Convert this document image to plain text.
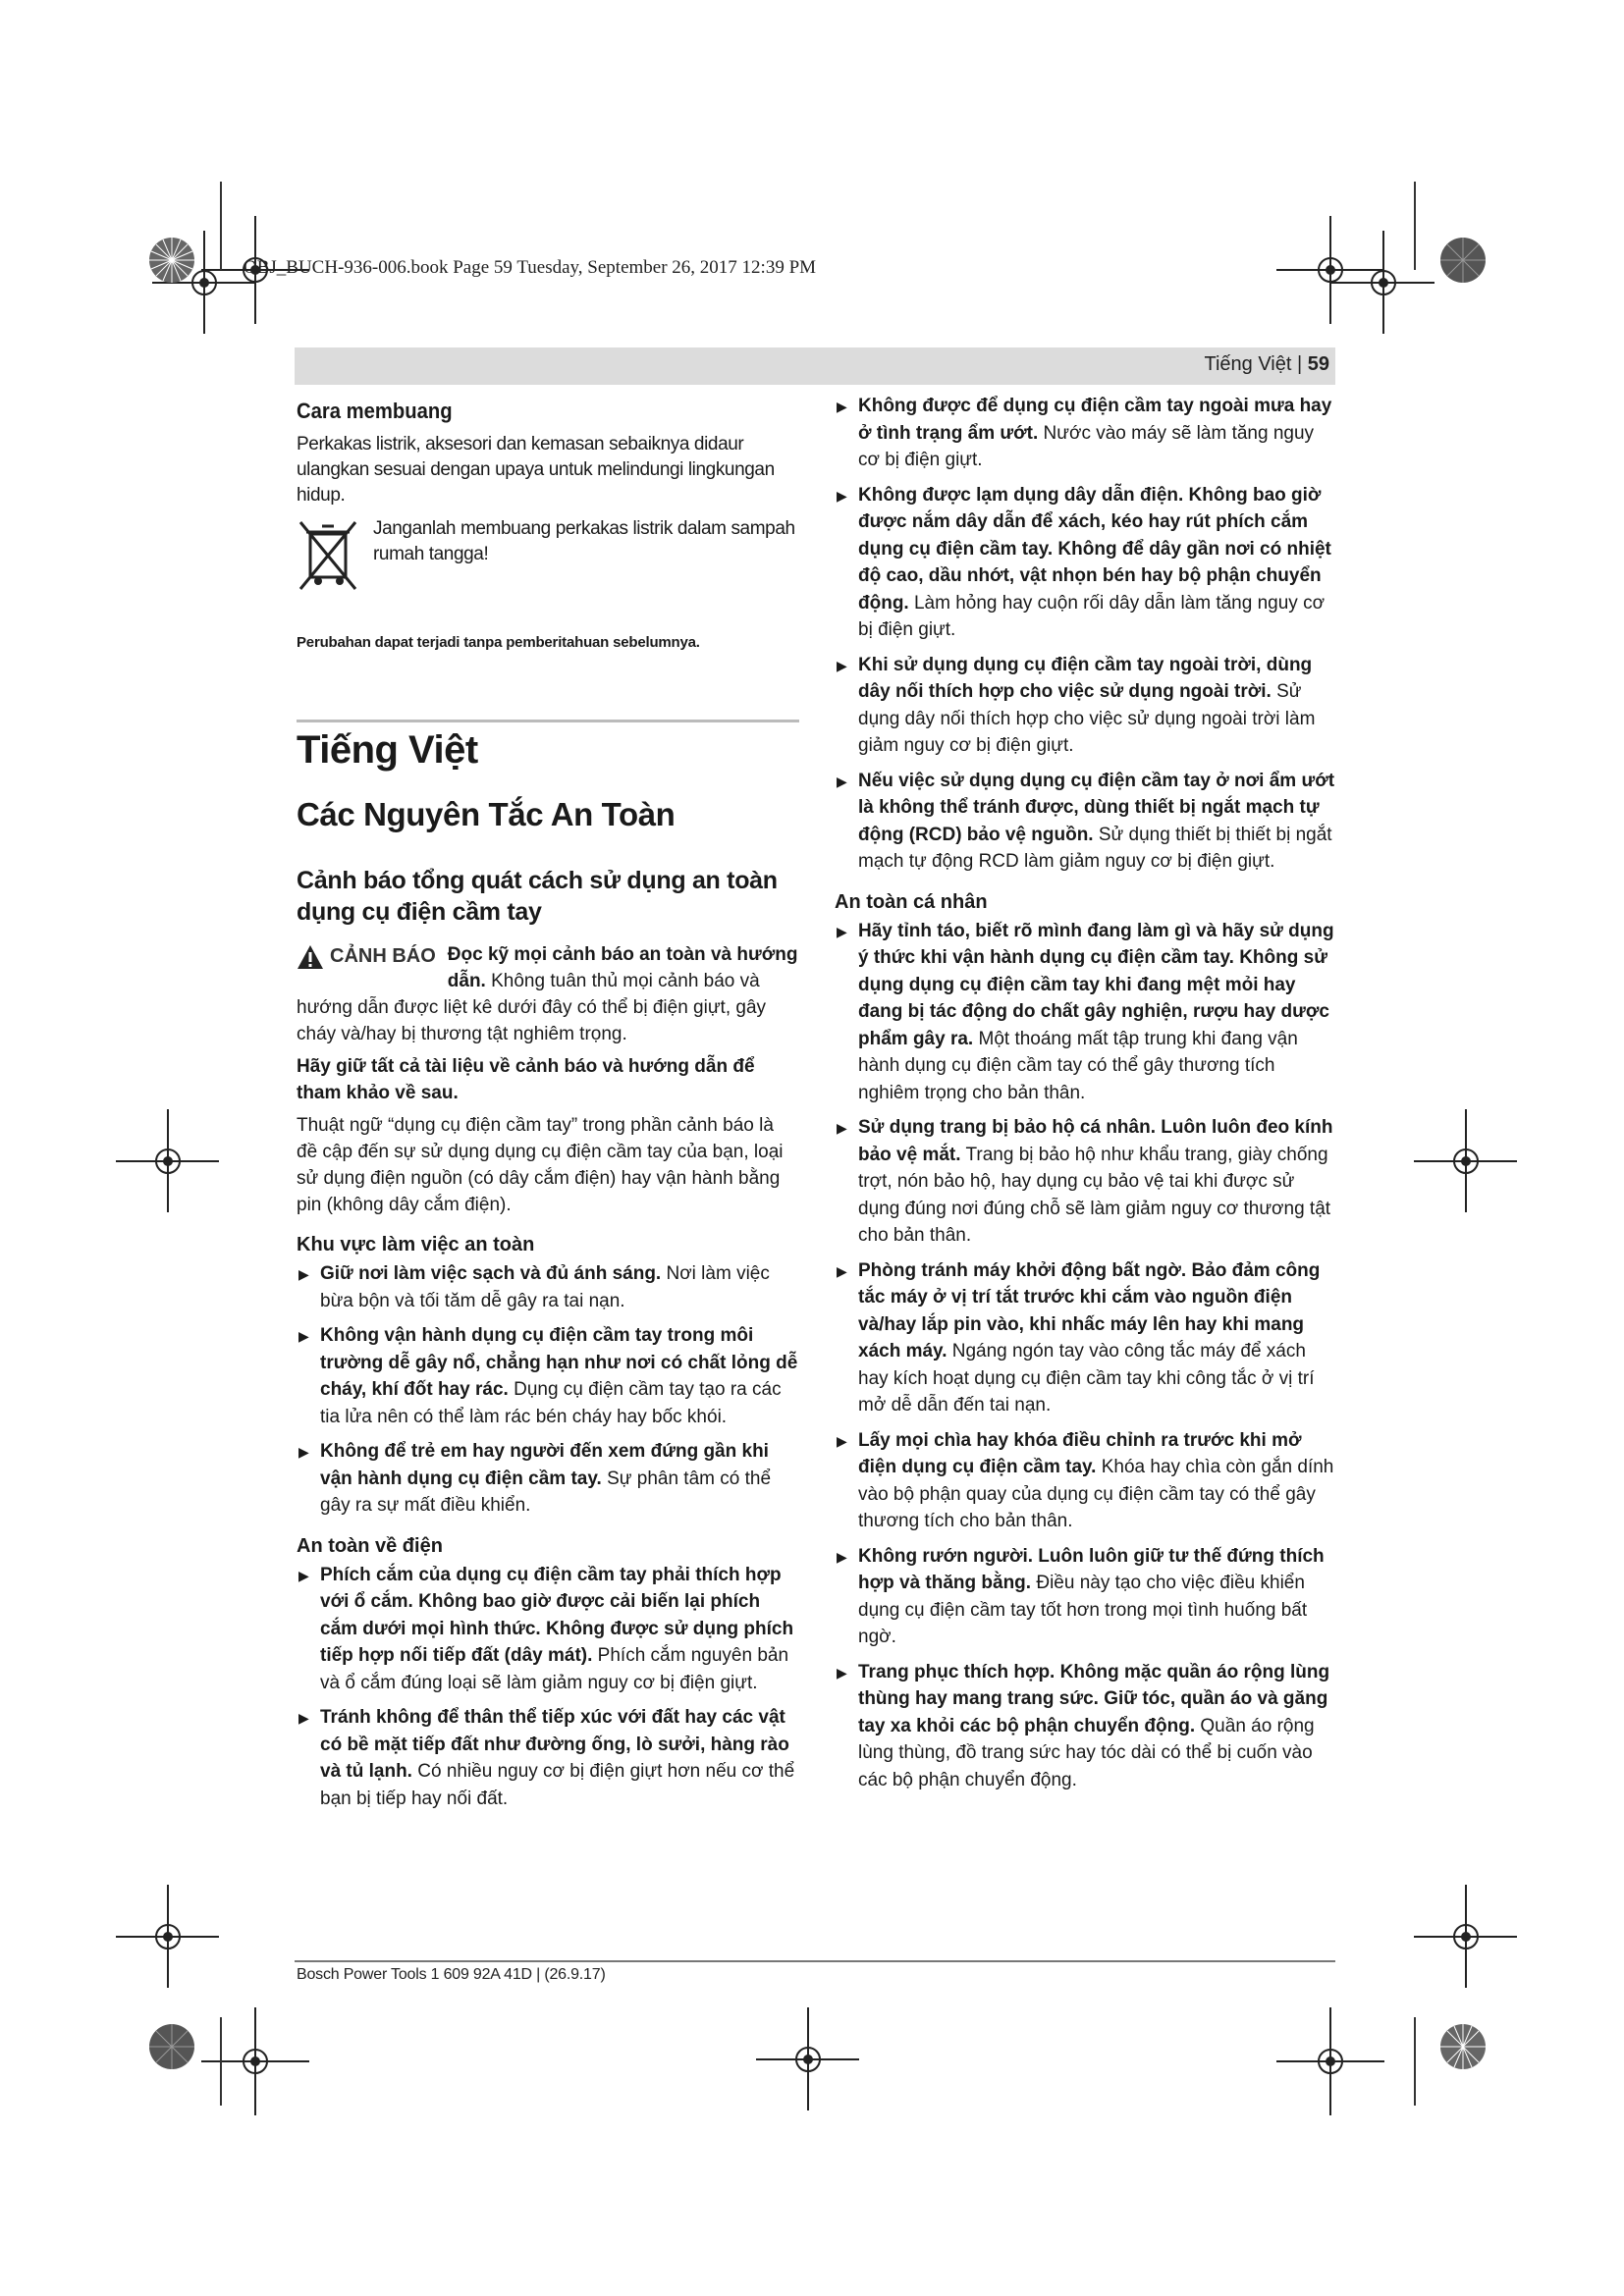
OBJ_BUCH-936-006.book Page 59 Tuesday, September 26, 2017 12:39 PM
Tiếng Việt | 59
Cara membuang

Perkakas listrik, aksesori dan kemasan sebaiknya didaur ulangkan sesuai dengan upaya untuk melindungi lingkungan hidup.

Janganlah membuang perkakas listrik dalam sampah rumah tangga!
Perubahan dapat terjadi tanpa pemberitahuan sebelumnya.
Tiếng Việt
Các Nguyên Tắc An Toàn
Cảnh báo tổng quát cách sử dụng an toàn dụng cụ điện cầm tay
CẢNH BÁO Đọc kỹ mọi cảnh báo an toàn và hướng dẫn. Không tuân thủ mọi cảnh báo và hướng dẫn được liệt kê dưới đây có thể bị điện giựt, gây cháy và/hay bị thương tật nghiêm trọng.

Hãy giữ tất cả tài liệu về cảnh báo và hướng dẫn để tham khảo về sau.

Thuật ngữ “dụng cụ điện cầm tay” trong phần cảnh báo là đề cập đến sự sử dụng dụng cụ điện cầm tay của bạn, loại sử dụng điện nguồn (có dây cắm điện) hay vận hành bằng pin (không dây cắm điện).

Khu vực làm việc an toàn
▶ Giữ nơi làm việc sạch và đủ ánh sáng. Nơi làm việc bừa bộn và tối tăm dễ gây ra tai nạn.
▶ Không vận hành dụng cụ điện cầm tay trong môi trường dễ gây nổ, chẳng hạn như nơi có chất lỏng dễ cháy, khí đốt hay rác. Dụng cụ điện cầm tay tạo ra các tia lửa nên có thể làm rác bén cháy hay bốc khói.
▶ Không để trẻ em hay người đến xem đứng gần khi vận hành dụng cụ điện cầm tay. Sự phân tâm có thể gây ra sự mất điều khiển.
An toàn về điện
▶ Phích cắm của dụng cụ điện cầm tay phải thích hợp với ổ cắm. Không bao giờ được cải biến lại phích cắm dưới mọi hình thức. Không được sử dụng phích tiếp hợp nối tiếp đất (dây mát). Phích cắm nguyên bản và ổ cắm đúng loại sẽ làm giảm nguy cơ bị điện giựt.
▶ Tránh không để thân thể tiếp xúc với đất hay các vật có bề mặt tiếp đất như đường ống, lò sưởi, hàng rào và tủ lạnh. Có nhiều nguy cơ bị điện giựt hơn nếu cơ thể bạn bị tiếp hay nối đất.
▶ Không được để dụng cụ điện cầm tay ngoài mưa hay ở tình trạng ẩm ướt. Nước vào máy sẽ làm tăng nguy cơ bị điện giựt.
▶ Không được lạm dụng dây dẫn điện. Không bao giờ được nắm dây dẫn để xách, kéo hay rút phích cắm dụng cụ điện cầm tay. Không để dây gần nơi có nhiệt độ cao, dầu nhớt, vật nhọn bén hay bộ phận chuyển động. Làm hỏng hay cuộn rối dây dẫn làm tăng nguy cơ bị điện giựt.
▶ Khi sử dụng dụng cụ điện cầm tay ngoài trời, dùng dây nối thích hợp cho việc sử dụng ngoài trời. Sử dụng dây nối thích hợp cho việc sử dụng ngoài trời làm giảm nguy cơ bị điện giựt.
▶ Nếu việc sử dụng dụng cụ điện cầm tay ở nơi ẩm ướt là không thể tránh được, dùng thiết bị ngắt mạch tự động (RCD) bảo vệ nguồn. Sử dụng thiết bị thiết bị ngắt mạch tự động RCD làm giảm nguy cơ bị điện giựt.
An toàn cá nhân
▶ Hãy tỉnh táo, biết rõ mình đang làm gì và hãy sử dụng ý thức khi vận hành dụng cụ điện cầm tay. Không sử dụng dụng cụ điện cầm tay khi đang mệt mỏi hay đang bị tác động do chất gây nghiện, rượu hay dược phẩm gây ra. Một thoáng mất tập trung khi đang vận hành dụng cụ điện cầm tay có thể gây thương tích nghiêm trọng cho bản thân.
▶ Sử dụng trang bị bảo hộ cá nhân. Luôn luôn đeo kính bảo vệ mắt. Trang bị bảo hộ như khẩu trang, giày chống trợt, nón bảo hộ, hay dụng cụ bảo vệ tai khi được sử dụng đúng nơi đúng chỗ sẽ làm giảm nguy cơ thương tật cho bản thân.
▶ Phòng tránh máy khởi động bất ngờ. Bảo đảm công tắc máy ở vị trí tắt trước khi cắm vào nguồn điện và/hay lắp pin vào, khi nhấc máy lên hay khi mang xách máy. Ngáng ngón tay vào công tắc máy để xách hay kích hoạt dụng cụ điện cầm tay khi công tắc ở vị trí mở dễ dẫn đến tai nạn.
▶ Lấy mọi chìa hay khóa điều chỉnh ra trước khi mở điện dụng cụ điện cầm tay. Khóa hay chìa còn gắn dính vào bộ phận quay của dụng cụ điện cầm tay có thể gây thương tích cho bản thân.
▶ Không rướn người. Luôn luôn giữ tư thế đứng thích hợp và thăng bằng. Điều này tạo cho việc điều khiển dụng cụ điện cầm tay tốt hơn trong mọi tình huống bất ngờ.
▶ Trang phục thích hợp. Không mặc quần áo rộng lùng thùng hay mang trang sức. Giữ tóc, quần áo và găng tay xa khỏi các bộ phận chuyển động. Quần áo rộng lùng thùng, đồ trang sức hay tóc dài có thể bị cuốn vào các bộ phận chuyển động.
Bosch Power Tools 1 609 92A 41D | (26.9.17)
